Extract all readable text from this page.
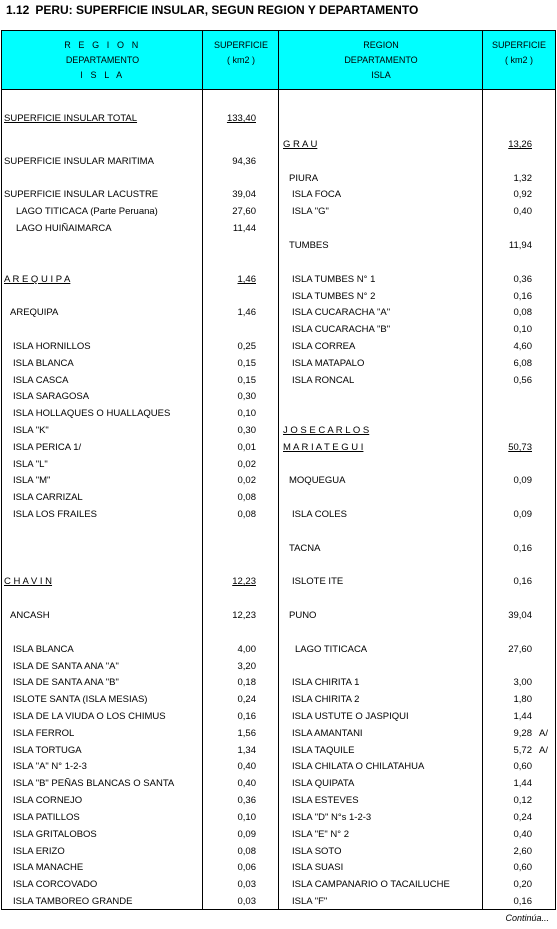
1.12 PERU: SUPERFICIE INSULAR, SEGUN REGION Y DEPARTAMENTO
R E G I O N
DEPARTAMENTO
I S L A
SUPERFICIE
( km2 )
REGION
DEPARTAMENTO
ISLA
SUPERFICIE
( km2 )
SUPERFICIE INSULAR TOTAL	133,40
SUPERFICIE INSULAR MARITIMA	94,36
SUPERFICIE INSULAR LACUSTRE	39,04
LAGO TITICACA (Parte Peruana)	27,60
LAGO HUIÑAIMARCA	11,44
A R E Q U I P A	1,46
AREQUIPA	1,46
ISLA HORNILLOS	0,25
ISLA BLANCA	0,15
ISLA CASCA	0,15
ISLA SARAGOSA	0,30
ISLA HOLLAQUES O HUALLAQUES	0,10
ISLA "K"	0,30
ISLA PERICA 1/	0,01
ISLA "L"	0,02
ISLA "M"	0,02
ISLA CARRIZAL	0,08
ISLA LOS FRAILES	0,08
C H A V I N	12,23
ANCASH	12,23
ISLA BLANCA	4,00
ISLA DE SANTA ANA "A"	3,20
ISLA DE SANTA ANA "B"	0,18
ISLOTE SANTA (ISLA MESIAS)	0,24
ISLA DE LA VIUDA O LOS CHIMUS	0,16
ISLA FERROL	1,56
ISLA TORTUGA	1,34
ISLA "A" N° 1-2-3	0,40
ISLA "B" PEÑAS BLANCAS O SANTA	0,40
ISLA CORNEJO	0,36
ISLA PATILLOS	0,10
ISLA GRITALOBOS	0,09
ISLA ERIZO	0,08
ISLA MANACHE	0,06
ISLA CORCOVADO	0,03
ISLA TAMBOREO GRANDE	0,03
G R A U	13,26
PIURA	1,32
ISLA FOCA	0,92
ISLA "G"	0,40
TUMBES	11,94
ISLA TUMBES N° 1	0,36
ISLA TUMBES N° 2	0,16
ISLA CUCARACHA "A"	0,08
ISLA CUCARACHA "B"	0,10
ISLA CORREA	4,60
ISLA MATAPALO	6,08
ISLA RONCAL	0,56
J O S E C A R L O S
M A R I A T E G U I	50,73
MOQUEGUA	0,09
ISLA COLES	0,09
TACNA	0,16
ISLOTE ITE	0,16
PUNO	39,04
LAGO TITICACA	27,60
ISLA CHIRITA 1	3,00
ISLA CHIRITA 2	1,80
ISLA USTUTE O JASPIQUI	1,44
ISLA AMANTANI	9,28 A/
ISLA TAQUILE	5,72 A/
ISLA CHILATA O CHILATAHUA	0,60
ISLA QUIPATA	1,44
ISLA ESTEVES	0,12
ISLA "D" N°s 1-2-3	0,24
ISLA "E" N° 2	0,40
ISLA SOTO	2,60
ISLA SUASI	0,60
ISLA CAMPANARIO O TACAILUCHE	0,20
ISLA "F"	0,16
Continúa...
